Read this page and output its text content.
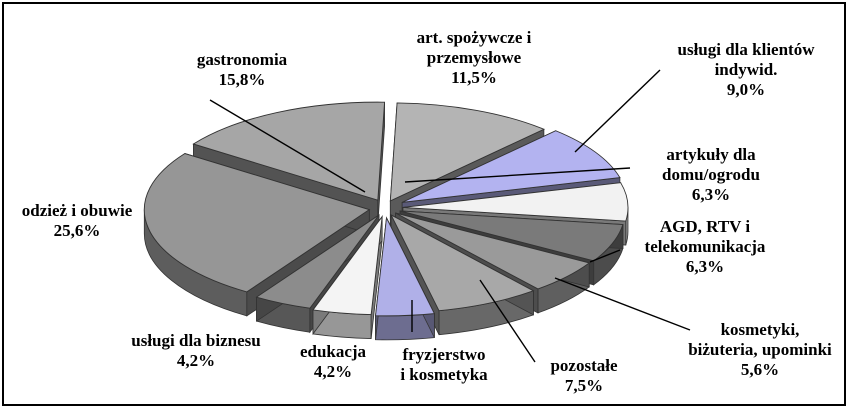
art. spożywcze i przemysłowe 11,5%
usługi dla klientów indywid. 9,0%
artykuły dla domu/ogrodu 6,3%
AGD, RTV i telekomunikacja 6,3%
kosmetyki, biżuteria, upominki 5,6%
pozostałe 7,5%
fryzjerstwo i kosmetyka
edukacja 4,2%
usługi dla biznesu 4,2%
odzież i obuwie 25,6%
gastronomia 15,8%
